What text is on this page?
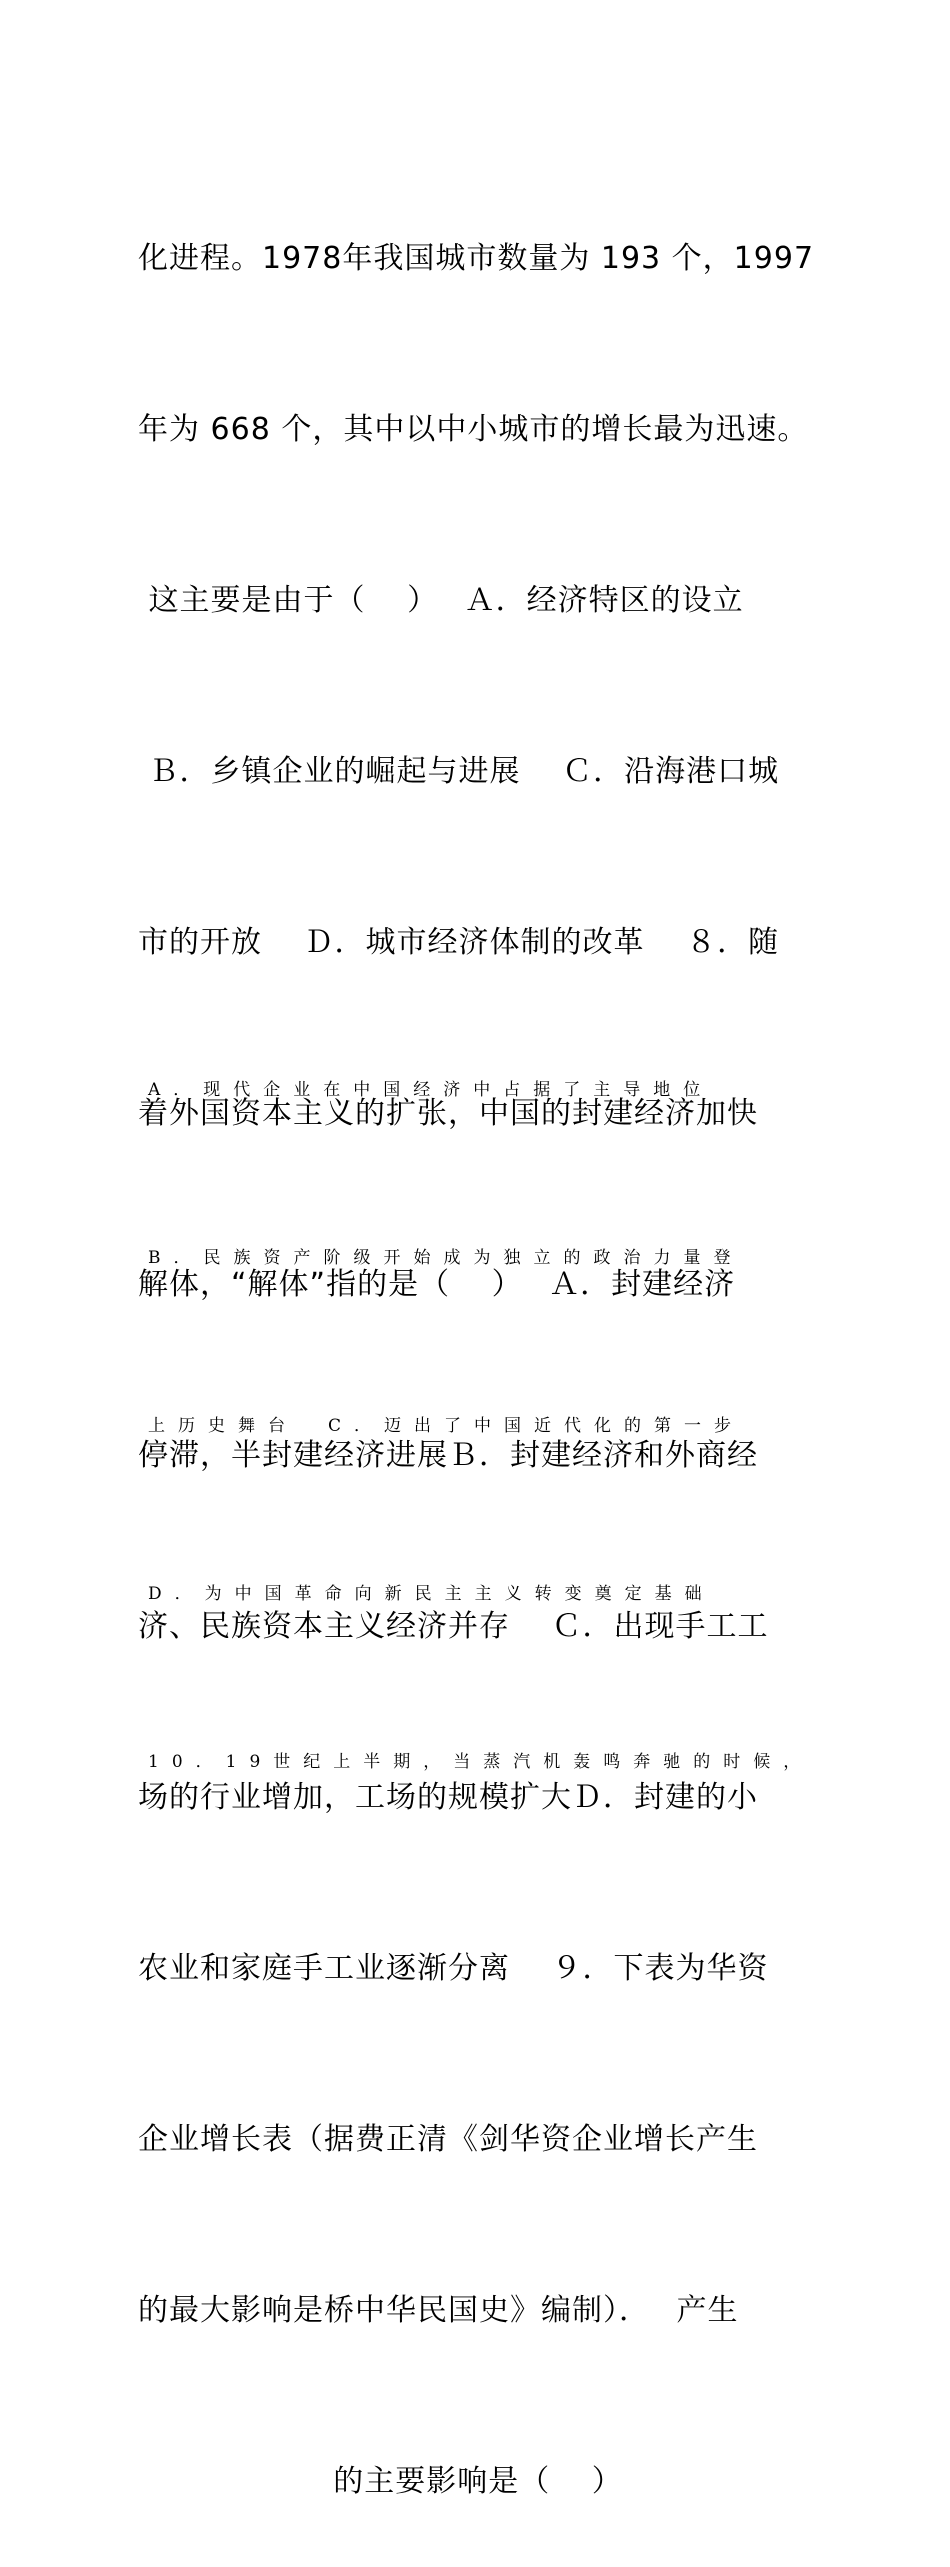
化进程。1978年我国城市数量为 193 个，1997

年为 668 个，其中以中小城市的增长最为迅速。

这主要是由于（　 ）　 Ａ．经济特区的设立

Ｂ．乡镇企业的崛起与进展　 Ｃ．沿海港口城

市的开放　 Ｄ．城市经济体制的改革　 ８．随

着外国资本主义的扩张，中国的封建经济加快

解体，“解体”指的是（　 ）　 Ａ．封建经济

停滞，半封建经济进展Ｂ．封建经济和外商经

济、民族资本主义经济并存　 Ｃ．出现手工工

场的行业增加，工场的规模扩大Ｄ．封建的小

农业和家庭手工业逐渐分离　 ９．下表为华资

企业增长表（据费正清《剑华资企业增长产生

的最大影响是桥中华民国史》编制）．　 产生

的主要影响是（　 ）

A．现代企业在中国经济中占据了主导地位

B．民族资产阶级开始成为独立的政治力量登

上历史舞台　C．迈出了中国近代化的第一步

D．为中国革命向新民主主义转变奠定基础

10．19世纪上半期，当蒸汽机轰鸣奔驰的时候，
